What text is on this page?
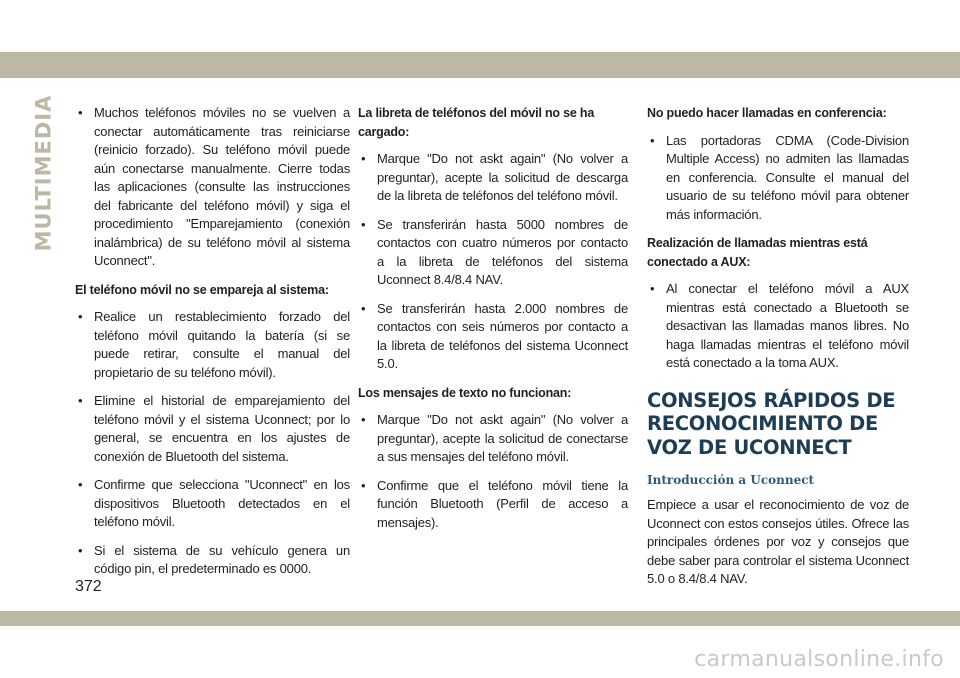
MULTIMEDIA

•	Muchos teléfonos móviles no se vuelven a conectar automáticamente tras reiniciarse (reinicio forzado). Su teléfono móvil puede aún conectarse manualmente. Cierre todas las aplicaciones (consulte las instrucciones del fabricante del teléfono móvil) y siga el procedimiento "Emparejamiento (conexión inalámbrica) de su teléfono móvil al sistema Uconnect".

El teléfono móvil no se empareja al sistema:

• Realice un restablecimiento forzado del teléfono móvil quitando la batería (si se puede retirar, consulte el manual del propietario de su teléfono móvil).

• Elimine el historial de emparejamiento del teléfono móvil y el sistema Uconnect; por lo general, se encuentra en los ajustes de conexión de Bluetooth del sistema.

• Confirme que selecciona "Uconnect" en los dispositivos Bluetooth detectados en el teléfono móvil.

• Si el sistema de su vehículo genera un código pin, el predeterminado es 0000.

La libreta de teléfonos del móvil no se ha cargado:

• Marque "Do not askt again" (No volver a preguntar), acepte la solicitud de descarga de la libreta de teléfonos del teléfono móvil.

• Se transferirán hasta 5000 nombres de contactos con cuatro números por contacto a la libreta de teléfonos del sistema Uconnect 8.4/8.4 NAV.

• Se transferirán hasta 2.000 nombres de contactos con seis números por contacto a la libreta de teléfonos del sistema Uconnect 5.0.

Los mensajes de texto no funcionan:

• Marque "Do not askt again" (No volver a preguntar), acepte la solicitud de conectarse a sus mensajes del teléfono móvil.

• Confirme que el teléfono móvil tiene la función Bluetooth (Perfil de acceso a mensajes).

No puedo hacer llamadas en conferencia:

• Las portadoras CDMA (Code-Division Multiple Access) no admiten las llamadas en conferencia. Consulte el manual del usuario de su teléfono móvil para obtener más información.

Realización de llamadas mientras está conectado a AUX:

• Al conectar el teléfono móvil a AUX mientras está conectado a Bluetooth se desactivan las llamadas manos libres. No haga llamadas mientras el teléfono móvil está conectado a la toma AUX.

CONSEJOS RÁPIDOS DE RECONOCIMIENTO DE VOZ DE UCONNECT
Introducción a Uconnect

Empiece a usar el reconocimiento de voz de Uconnect con estos consejos útiles. Ofrece las principales órdenes por voz y consejos que debe saber para controlar el sistema Uconnect 5.0 o 8.4/8.4 NAV.

372
carmanualsonline.info
